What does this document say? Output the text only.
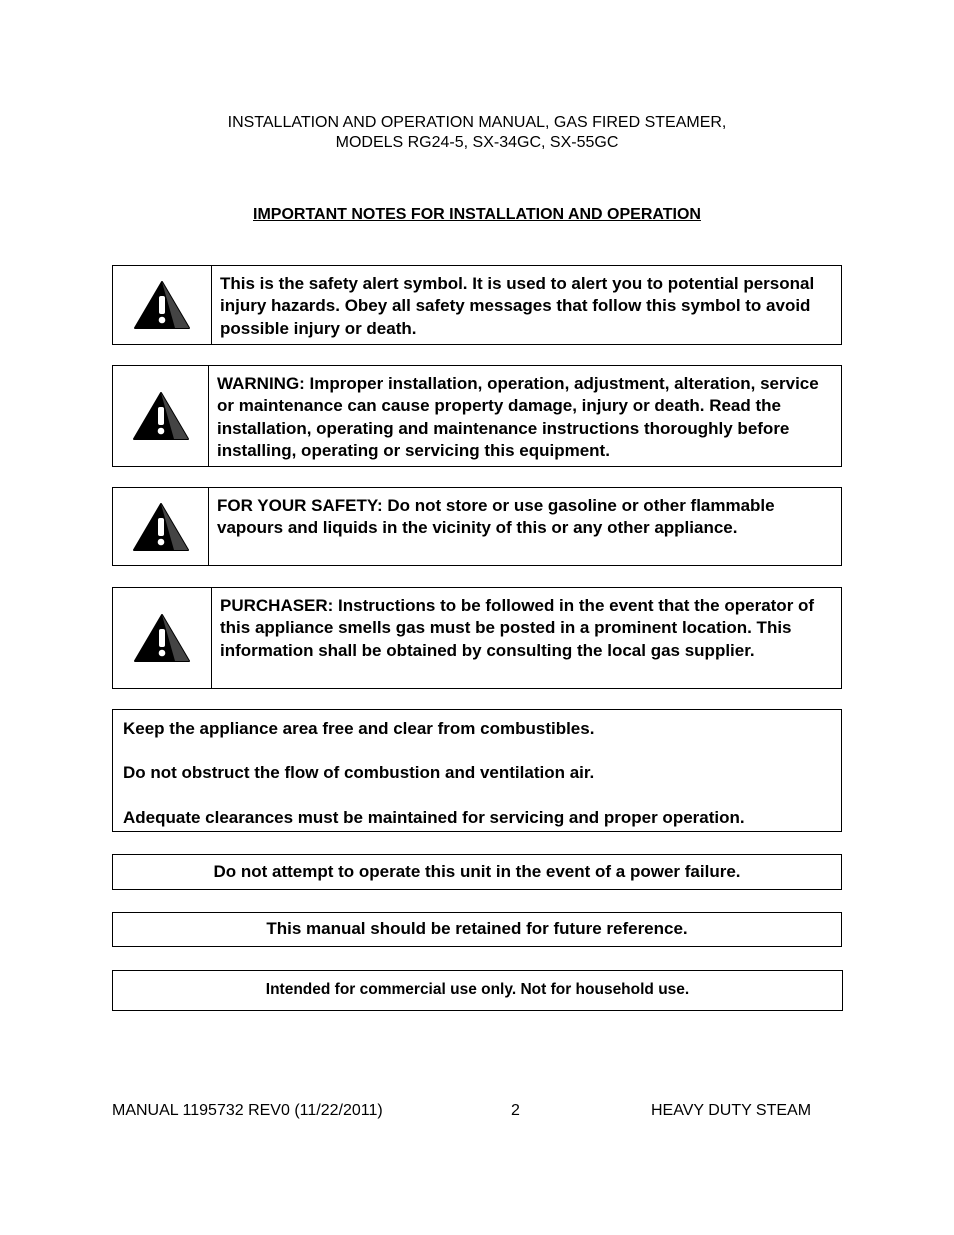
INSTALLATION AND OPERATION MANUAL, GAS FIRED STEAMER,
MODELS RG24-5, SX-34GC, SX-55GC
IMPORTANT NOTES FOR INSTALLATION AND OPERATION
This is the safety alert symbol. It is used to alert you to potential personal injury hazards. Obey all safety messages that follow this symbol to avoid possible injury or death.
WARNING: Improper installation, operation, adjustment, alteration, service or maintenance can cause property damage, injury or death. Read the installation, operating and maintenance instructions thoroughly before installing, operating or servicing this equipment.
FOR YOUR SAFETY: Do not store or use gasoline or other flammable vapours and liquids in the vicinity of this or any other appliance.
PURCHASER: Instructions to be followed in the event that the operator of this appliance smells gas must be posted in a prominent location. This information shall be obtained by consulting the local gas supplier.

Keep the appliance area free and clear from combustibles.

Do not obstruct the flow of combustion and ventilation air.

Adequate clearances must be maintained for servicing and proper operation.

Do not attempt to operate this unit in the event of a power failure.
This manual should be retained for future reference.
Intended for commercial use only. Not for household use.
MANUAL 1195732 REV0 (11/22/2011)	2	HEAVY DUTY STEAM
